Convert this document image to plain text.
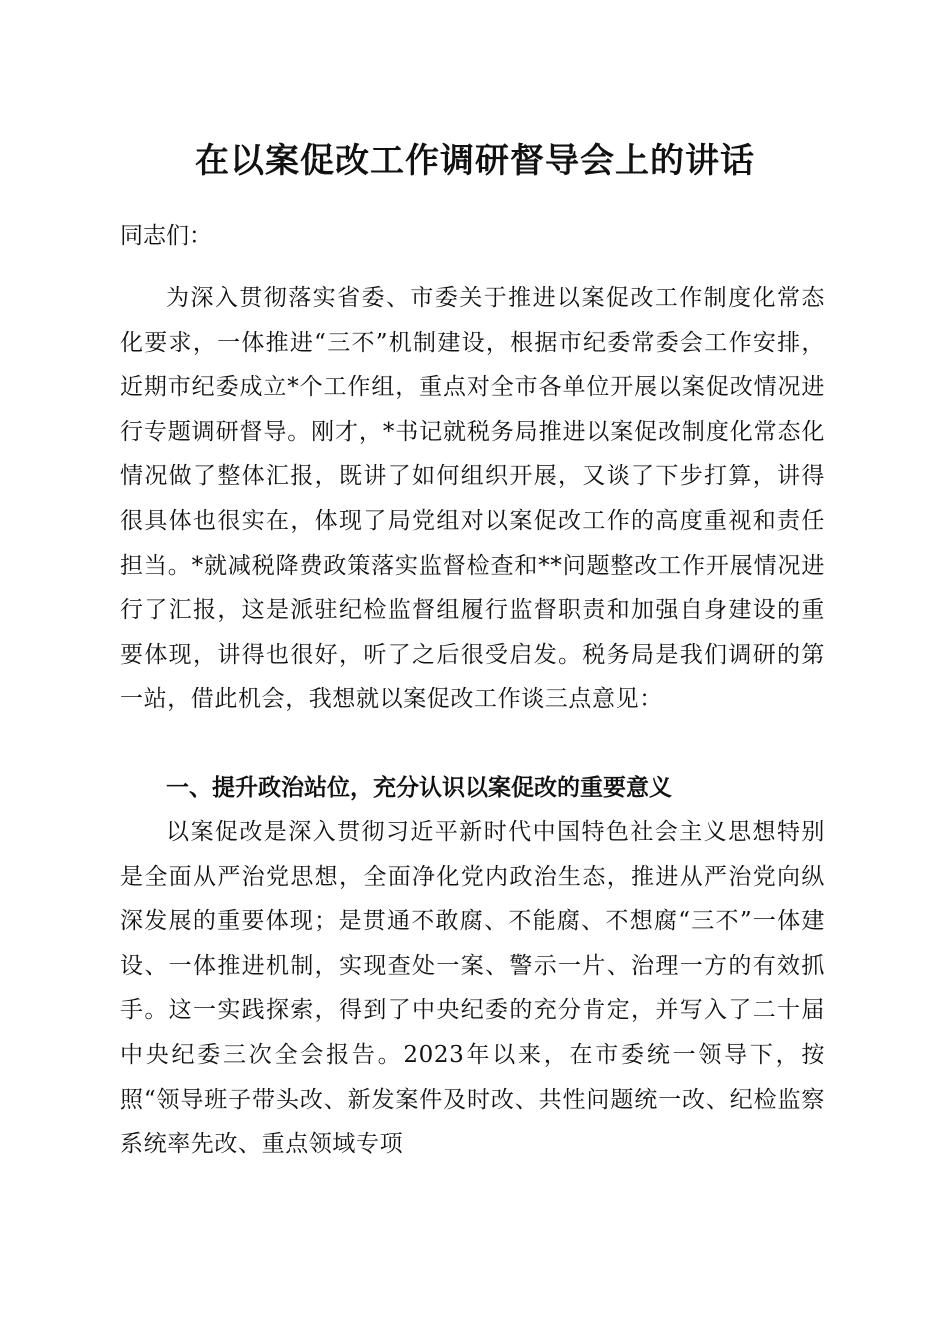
在以案促改工作调研督导会上的讲话

同志们：

为深入贯彻落实省委、市委关于推进以案促改工作制度化常态化要求，一体推进“三不”机制建设，根据市纪委常委会工作安排，近期市纪委成立*个工作组，重点对全市各单位开展以案促改情况进行专题调研督导。刚才，*书记就税务局推进以案促改制度化常态化情况做了整体汇报，既讲了如何组织开展，又谈了下步打算，讲得很具体也很实在，体现了局党组对以案促改工作的高度重视和责任担当。*就减税降费政策落实监督检查和**问题整改工作开展情况进行了汇报，这是派驻纪检监督组履行监督职责和加强自身建设的重要体现，讲得也很好，听了之后很受启发。税务局是我们调研的第一站，借此机会，我想就以案促改工作谈三点意见：

一、提升政治站位，充分认识以案促改的重要意义

以案促改是深入贯彻习近平新时代中国特色社会主义思想特别是全面从严治党思想，全面净化党内政治生态，推进从严治党向纵深发展的重要体现；是贯通不敢腐、不能腐、不想腐“三不”一体建设、一体推进机制，实现查处一案、警示一片、治理一方的有效抓手。这一实践探索，得到了中央纪委的充分肯定，并写入了二十届中央纪委三次全会报告。2023年以来，在市委统一领导下，按照“领导班子带头改、新发案件及时改、共性问题统一改、纪检监察系统率先改、重点领域专项
